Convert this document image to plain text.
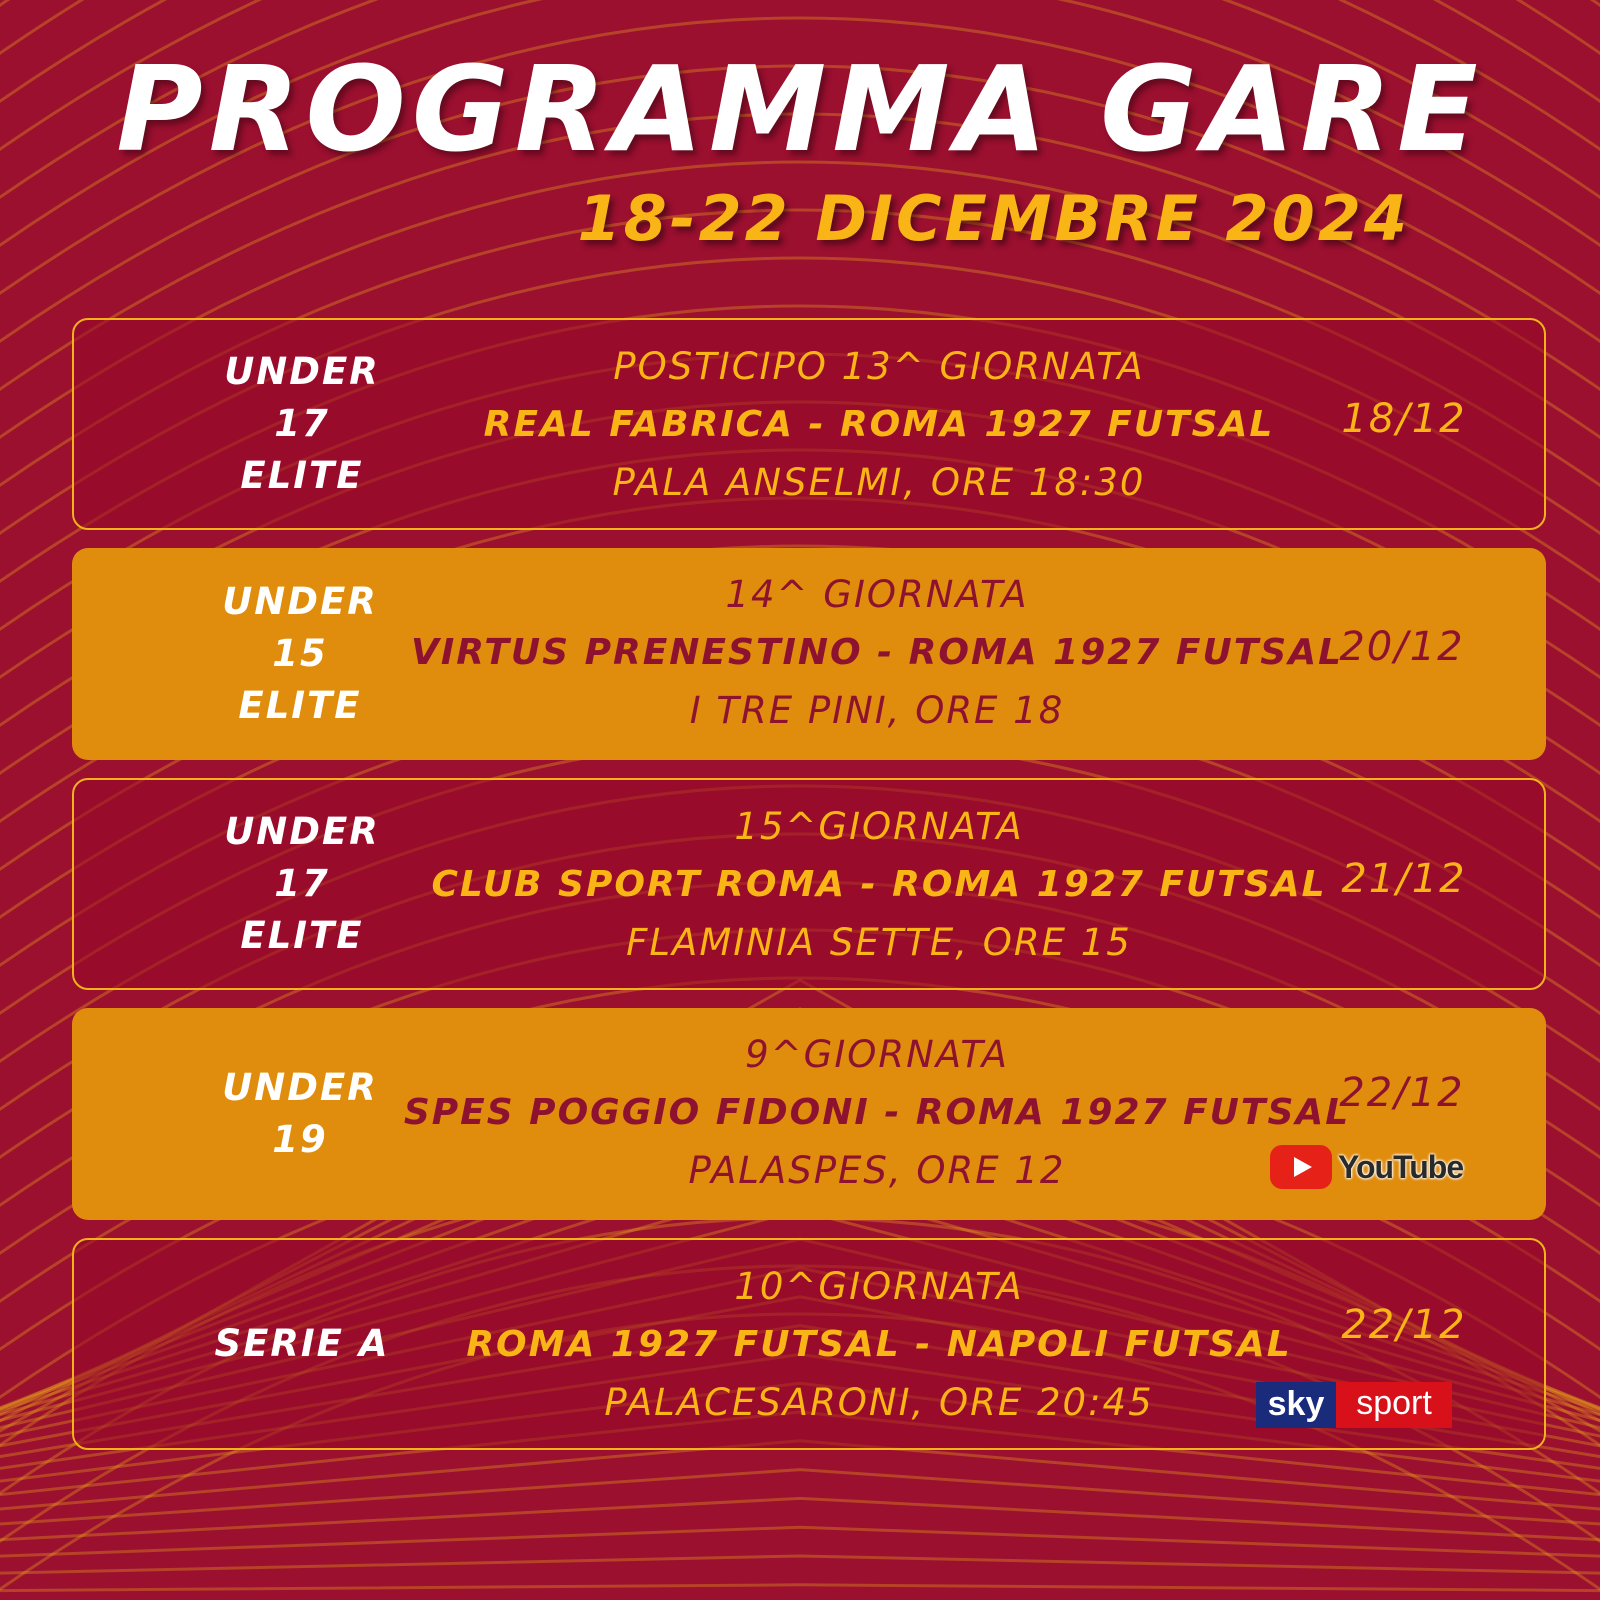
PROGRAMMA GARE
18-22 DICEMBRE 2024
UNDER 17
ELITE
POSTICIPO 13^ GIORNATA
REAL FABRICA - ROMA 1927 FUTSAL
PALA ANSELMI, ORE 18:30
18/12
UNDER 15
ELITE
14^ GIORNATA
VIRTUS PRENESTINO - ROMA 1927 FUTSAL
I TRE PINI, ORE 18
20/12
UNDER 17
ELITE
15^GIORNATA
CLUB SPORT ROMA - ROMA 1927 FUTSAL
FLAMINIA SETTE, ORE 15
21/12
UNDER 19
9^GIORNATA
SPES POGGIO FIDONI - ROMA 1927 FUTSAL
PALASPES, ORE 12
22/12
YouTube
SERIE A
10^GIORNATA
ROMA 1927 FUTSAL - NAPOLI FUTSAL
PALACESARONI, ORE 20:45
22/12
sky sport
